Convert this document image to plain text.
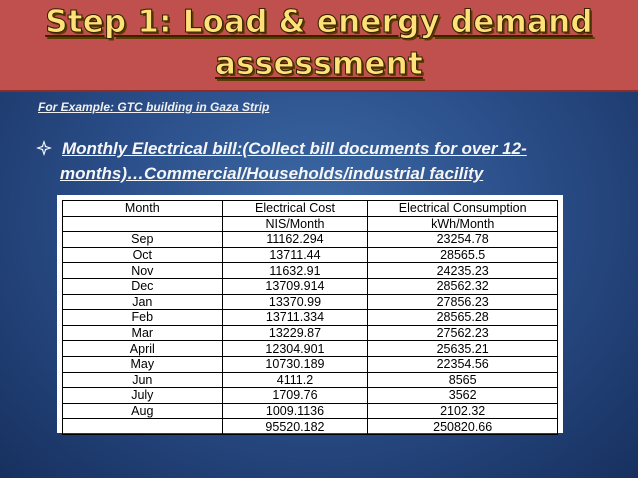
Step 1: Load & energy demand
assessment
For Example: GTC building in Gaza Strip
Monthly Electrical bill:(Collect bill documents for over 12-
months)…Commercial/Households/industrial facility
Month	Electrical Cost	Electrical Consumption
	NIS/Month	kWh/Month
Sep	11162.294	23254.78
Oct	13711.44	28565.5
Nov	11632.91	24235.23
Dec	13709.914	28562.32
Jan	13370.99	27856.23
Feb	13711.334	28565.28
Mar	13229.87	27562.23
April	12304.901	25635.21
May	10730.189	22354.56
Jun	4111.2	8565
July	1709.76	3562
Aug	1009.1136	2102.32
	95520.182	250820.66
